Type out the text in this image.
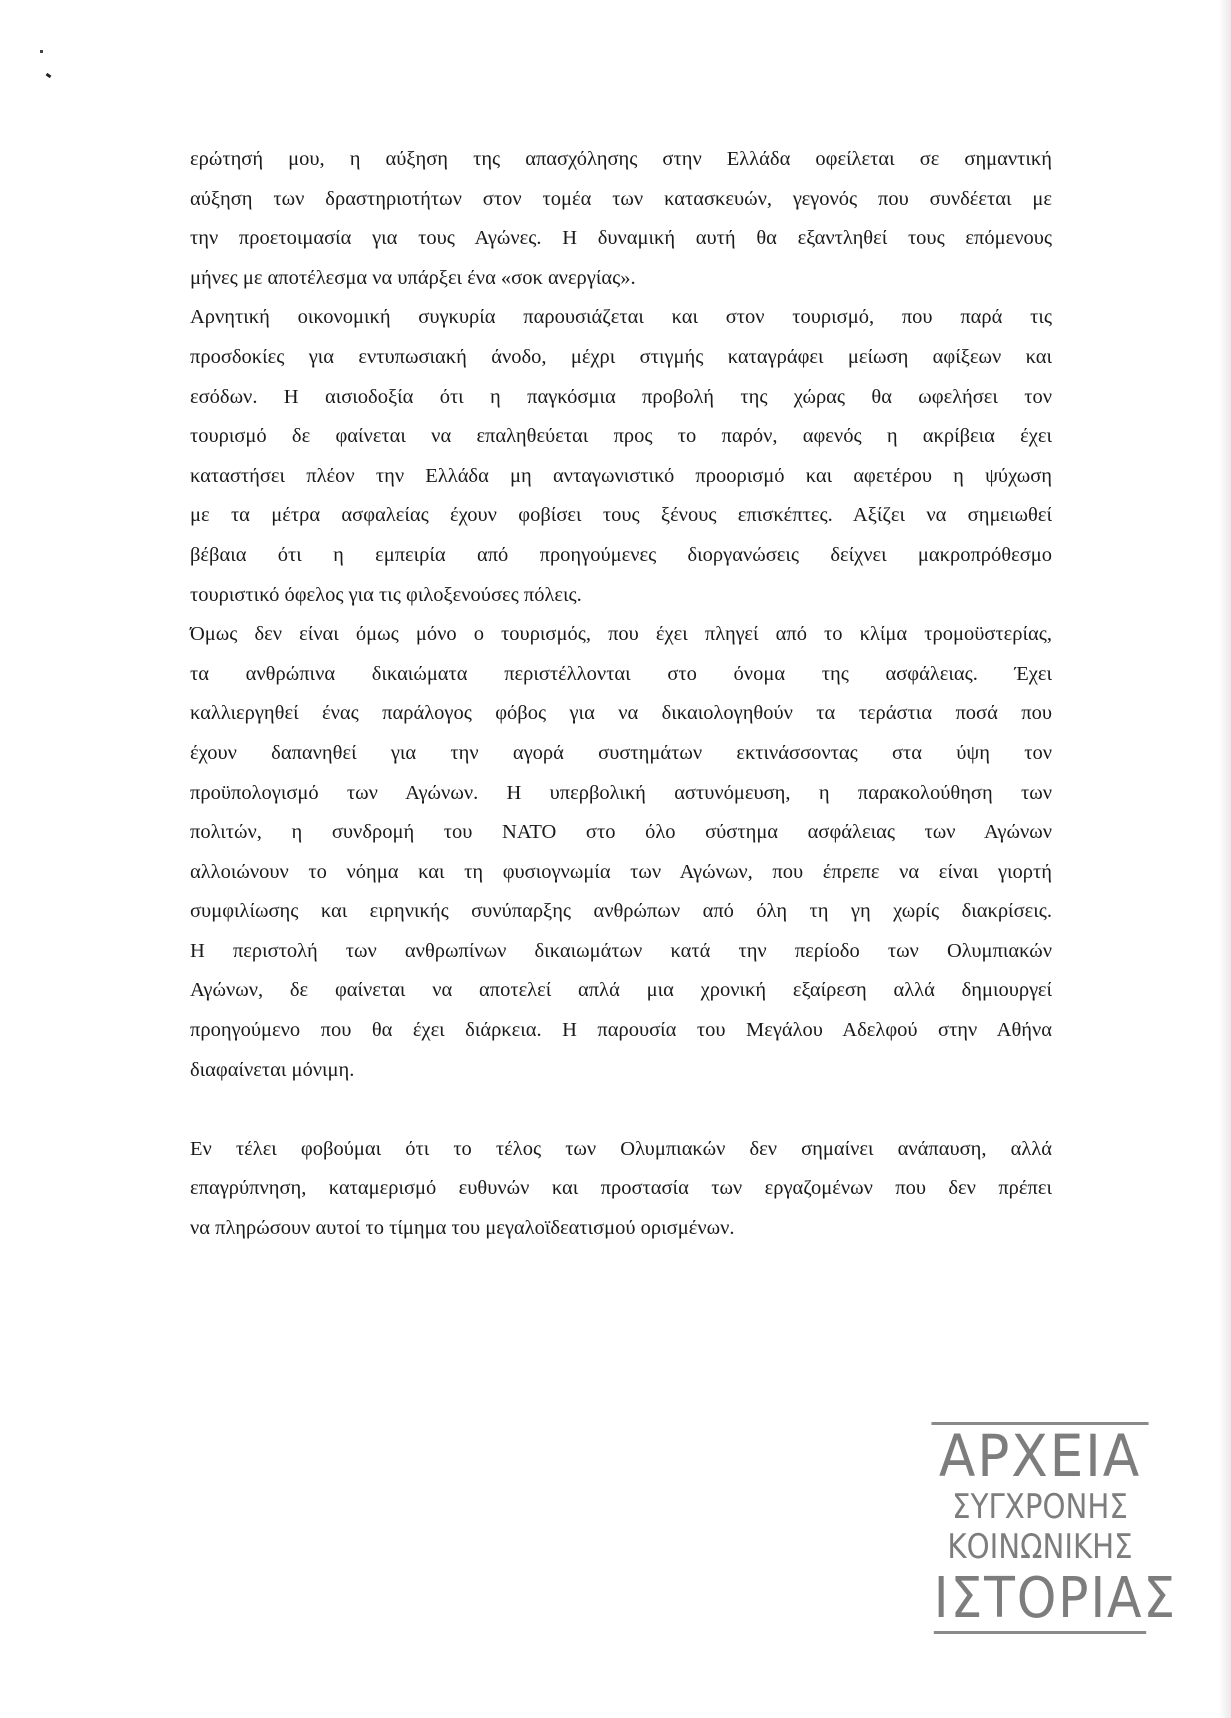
ερώτησή μου, η αύξηση της απασχόλησης στην Ελλάδα οφείλεται σε σημαντική
αύξηση των δραστηριοτήτων στον τομέα των κατασκευών, γεγονός που συνδέεται με
την προετοιμασία για τους Αγώνες. Η δυναμική αυτή θα εξαντληθεί τους επόμενους
μήνες με αποτέλεσμα να υπάρξει ένα «σοκ ανεργίας».
Αρνητική οικονομική συγκυρία παρουσιάζεται και στον τουρισμό, που παρά τις
προσδοκίες για εντυπωσιακή άνοδο, μέχρι στιγμής καταγράφει μείωση αφίξεων και
εσόδων. Η αισιοδοξία ότι η παγκόσμια προβολή της χώρας θα ωφελήσει τον
τουρισμό δε φαίνεται να επαληθεύεται προς το παρόν, αφενός η ακρίβεια έχει
καταστήσει πλέον την Ελλάδα μη ανταγωνιστικό προορισμό και αφετέρου η ψύχωση
με τα μέτρα ασφαλείας έχουν φοβίσει τους ξένους επισκέπτες. Αξίζει να σημειωθεί
βέβαια ότι η εμπειρία από προηγούμενες διοργανώσεις δείχνει μακροπρόθεσμο
τουριστικό όφελος για τις φιλοξενούσες πόλεις.
Όμως δεν είναι όμως μόνο ο τουρισμός, που έχει πληγεί από το κλίμα τρομοϋστερίας,
τα ανθρώπινα δικαιώματα περιστέλλονται στο όνομα της ασφάλειας. Έχει
καλλιεργηθεί ένας παράλογος φόβος για να δικαιολογηθούν τα τεράστια ποσά που
έχουν δαπανηθεί για την αγορά συστημάτων εκτινάσσοντας στα ύψη τον
προϋπολογισμό των Αγώνων. Η υπερβολική αστυνόμευση, η παρακολούθηση των
πολιτών, η συνδρομή του ΝΑΤΟ στο όλο σύστημα ασφάλειας των Αγώνων
αλλοιώνουν το νόημα και τη φυσιογνωμία των Αγώνων, που έπρεπε να είναι γιορτή
συμφιλίωσης και ειρηνικής συνύπαρξης ανθρώπων από όλη τη γη χωρίς διακρίσεις.
Η περιστολή των ανθρωπίνων δικαιωμάτων κατά την περίοδο των Ολυμπιακών
Αγώνων, δε φαίνεται να αποτελεί απλά μια χρονική εξαίρεση αλλά δημιουργεί
προηγούμενο που θα έχει διάρκεια. Η παρουσία του Μεγάλου Αδελφού στην Αθήνα
διαφαίνεται μόνιμη.
Εν τέλει φοβούμαι ότι το τέλος των Ολυμπιακών δεν σημαίνει ανάπαυση, αλλά
επαγρύπνηση, καταμερισμό ευθυνών και προστασία των εργαζομένων που δεν πρέπει
να πληρώσουν αυτοί το τίμημα του μεγαλοϊδεατισμού ορισμένων.
ΑΡΧΕΙΑ
ΣΥΓΧΡΟΝΗΣ
ΚΟΙΝΩΝΙΚΗΣ
ΙΣΤΟΡΙΑΣ
